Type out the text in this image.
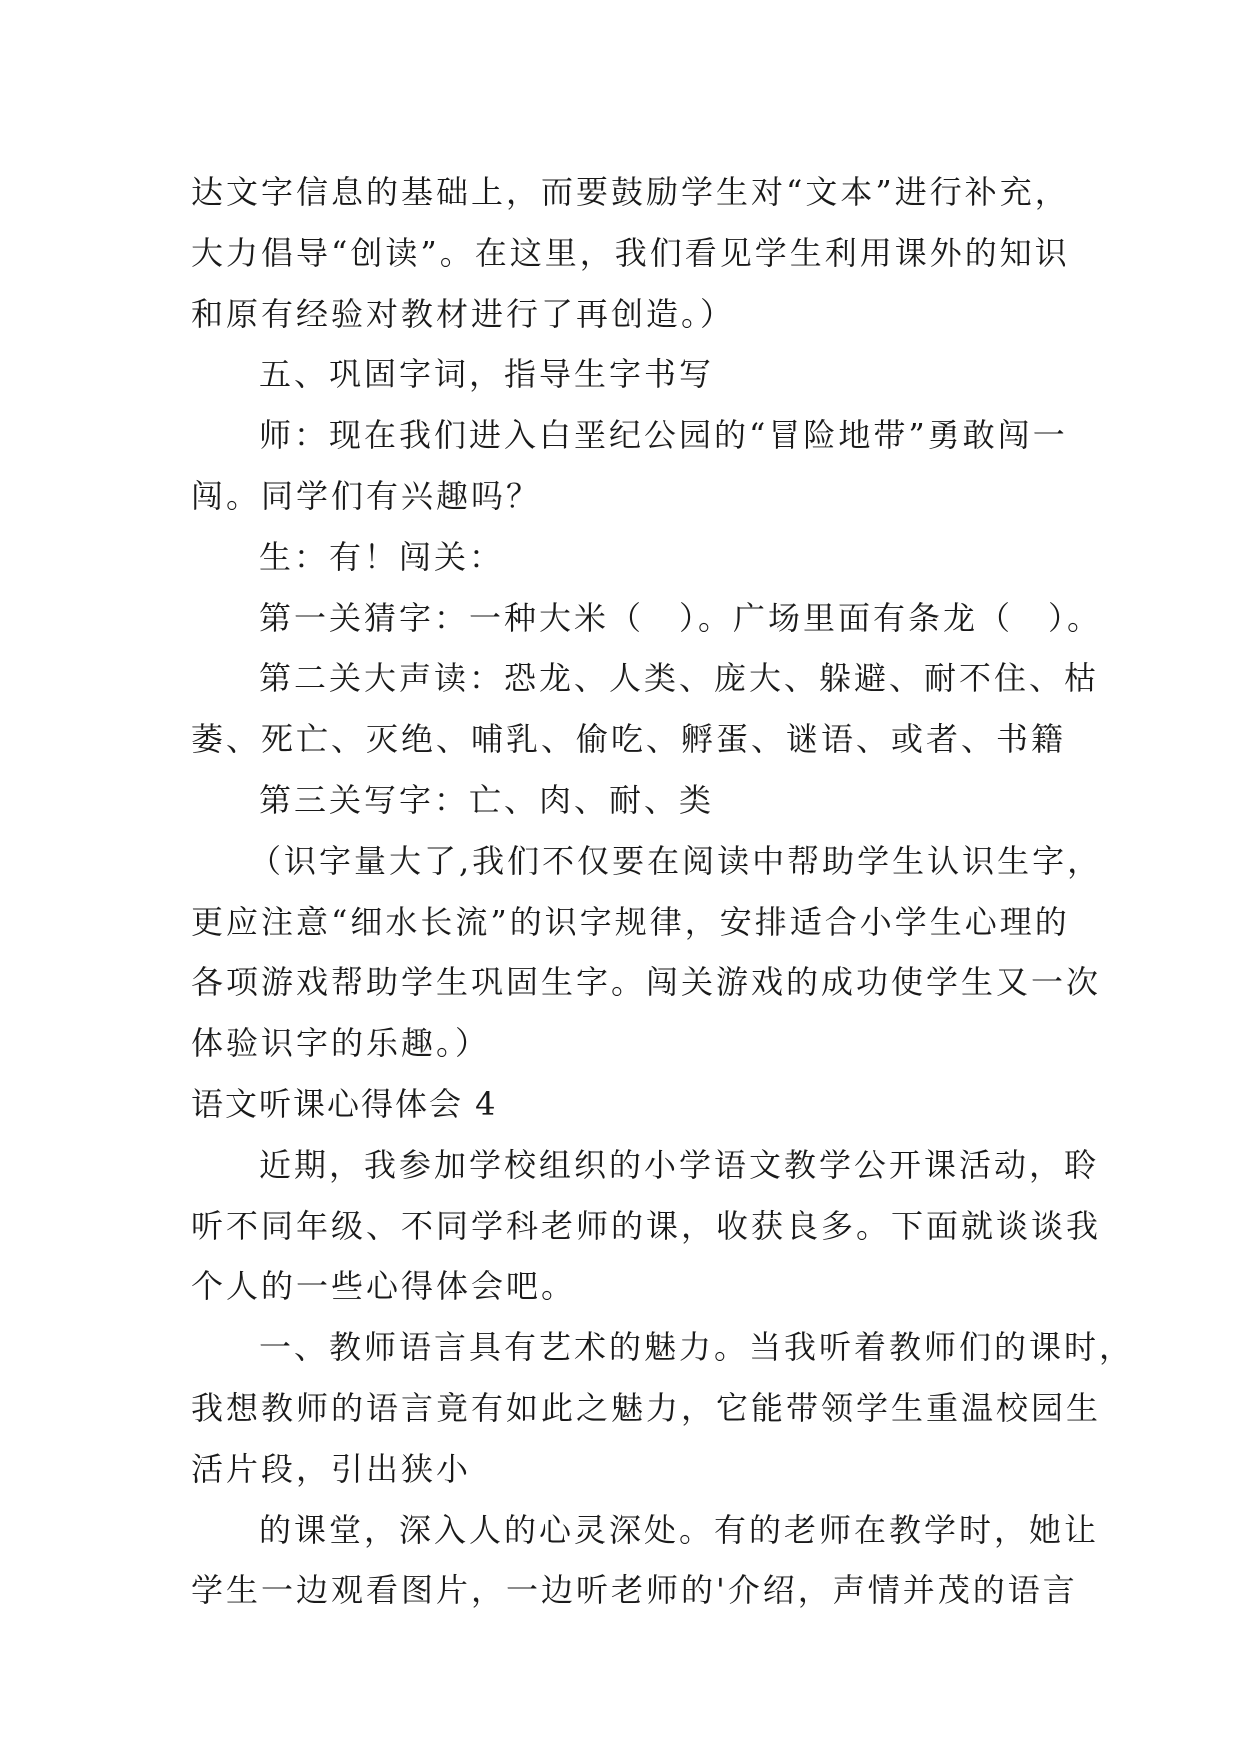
达文字信息的基础上，而要鼓励学生对“文本”进行补充，
大力倡导“创读”。在这里，我们看见学生利用课外的知识
和原有经验对教材进行了再创造。）
五、巩固字词，指导生字书写
师：现在我们进入白垩纪公园的“冒险地带”勇敢闯一
闯。同学们有兴趣吗？
生：有！闯关：
第一关猜字：一种大米（　）。广场里面有条龙（　）。
第二关大声读：恐龙、人类、庞大、躲避、耐不住、枯
萎、死亡、灭绝、哺乳、偷吃、孵蛋、谜语、或者、书籍
第三关写字：亡、肉、耐、类
（识字量大了,我们不仅要在阅读中帮助学生认识生字，
更应注意“细水长流”的识字规律，安排适合小学生心理的
各项游戏帮助学生巩固生字。闯关游戏的成功使学生又一次
体验识字的乐趣。）
语文听课心得体会 4
近期，我参加学校组织的小学语文教学公开课活动，聆
听不同年级、不同学科老师的课，收获良多。下面就谈谈我
个人的一些心得体会吧。
一、教师语言具有艺术的魅力。当我听着教师们的课时，
我想教师的语言竟有如此之魅力，它能带领学生重温校园生
活片段，引出狭小
的课堂，深入人的心灵深处。有的老师在教学时，她让
学生一边观看图片，一边听老师的'介绍，声情并茂的语言
